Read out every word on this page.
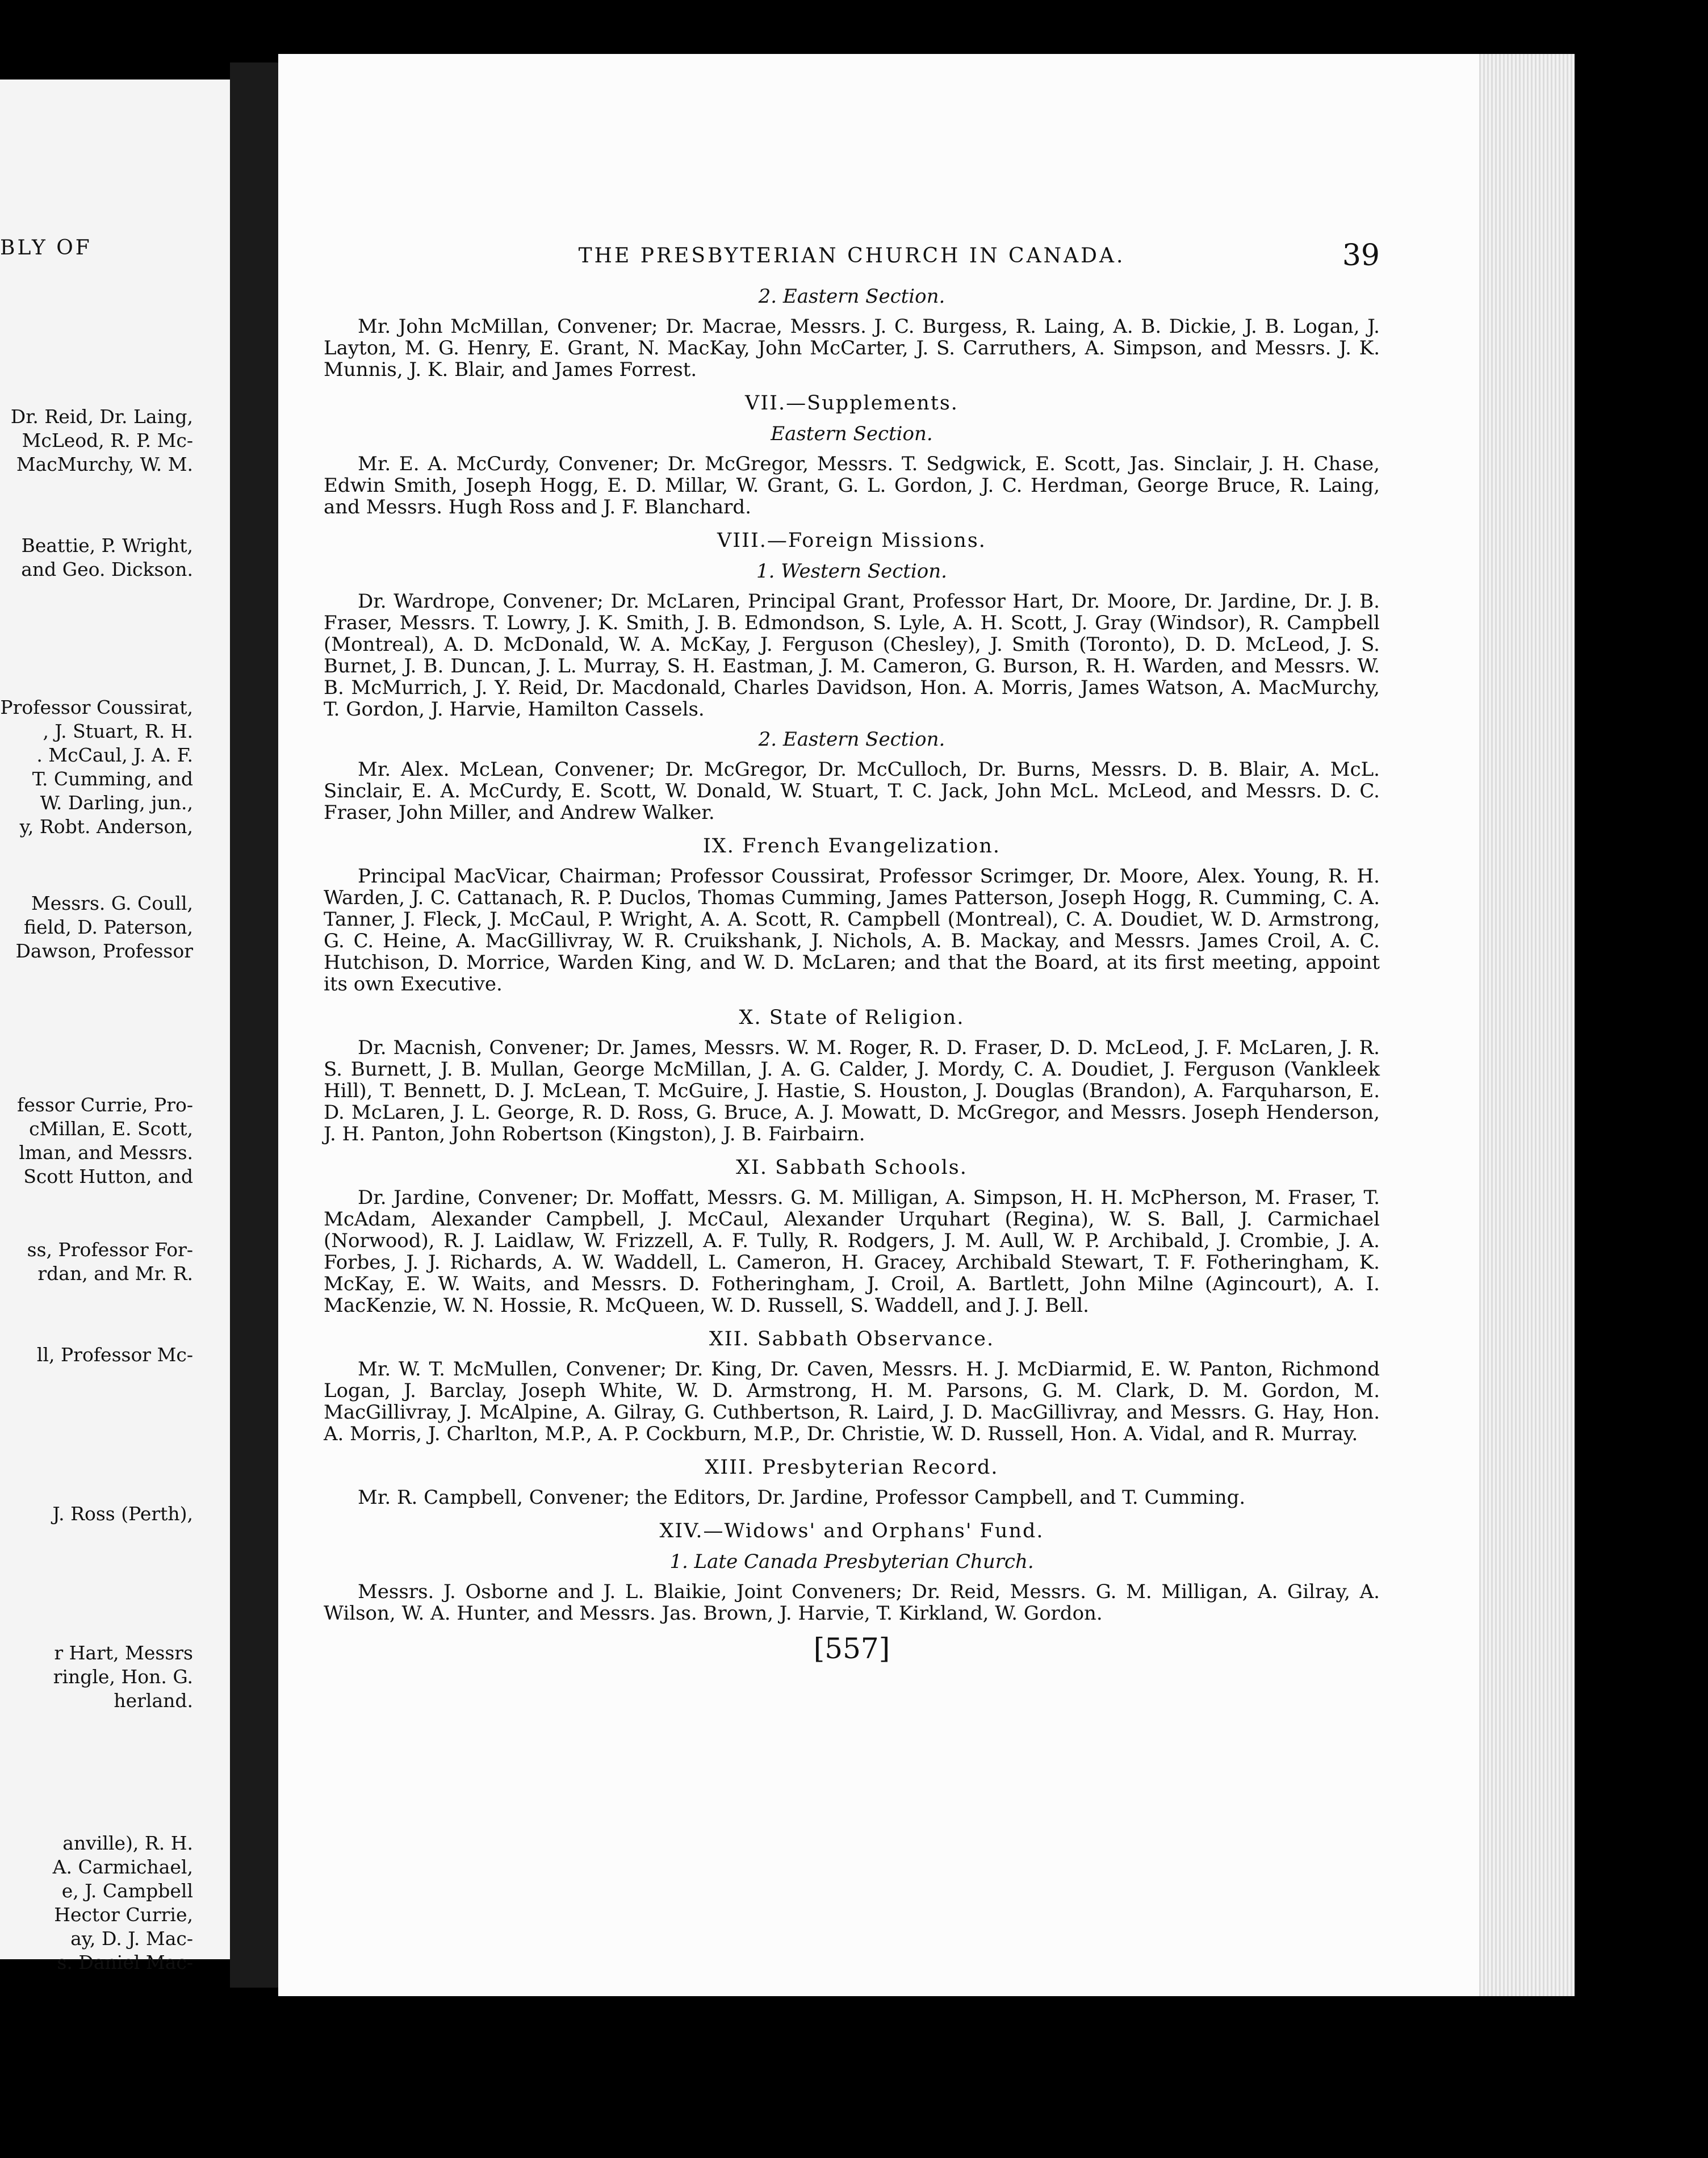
BLY OF
Dr. Reid, Dr. Laing,
McLeod, R. P. Mc-
MacMurchy, W. M.
Beattie, P. Wright,
and Geo. Dickson.
Professor Coussirat,
, J. Stuart, R. H.
. McCaul, J. A. F.
T. Cumming, and
W. Darling, jun.,
y, Robt. Anderson,
Messrs. G. Coull,
field, D. Paterson,
Dawson, Professor
fessor Currie, Pro-
cMillan, E. Scott,
lman, and Messrs.
Scott Hutton, and
ss, Professor For-
rdan, and Mr. R.
ll, Professor Mc-
J. Ross (Perth),
r Hart, Messrs
ringle, Hon. G.
herland.
anville), R. H.
A. Carmichael,
e, J. Campbell
Hector Currie,
ay, D. J. Mac-
s. Daniel Mac-
THE PRESBYTERIAN CHURCH IN CANADA.	39
2. Eastern Section.

Mr. John McMillan, Convener; Dr. Macrae, Messrs. J. C. Burgess, R. Laing, A. B. Dickie, J. B. Logan, J. Layton, M. G. Henry, E. Grant, N. MacKay, John McCarter, J. S. Carruthers, A. Simpson, and Messrs. J. K. Munnis, J. K. Blair, and James Forrest.

VII.—Supplements.
Eastern Section.

Mr. E. A. McCurdy, Convener; Dr. McGregor, Messrs. T. Sedgwick, E. Scott, Jas. Sinclair, J. H. Chase, Edwin Smith, Joseph Hogg, E. D. Millar, W. Grant, G. L. Gordon, J. C. Herdman, George Bruce, R. Laing, and Messrs. Hugh Ross and J. F. Blanchard.

VIII.—Foreign Missions.
1. Western Section.

Dr. Wardrope, Convener; Dr. McLaren, Principal Grant, Professor Hart, Dr. Moore, Dr. Jardine, Dr. J. B. Fraser, Messrs. T. Lowry, J. K. Smith, J. B. Edmondson, S. Lyle, A. H. Scott, J. Gray (Windsor), R. Campbell (Montreal), A. D. McDonald, W. A. McKay, J. Ferguson (Chesley), J. Smith (Toronto), D. D. McLeod, J. S. Burnet, J. B. Duncan, J. L. Murray, S. H. Eastman, J. M. Cameron, G. Burson, R. H. Warden, and Messrs. W. B. McMurrich, J. Y. Reid, Dr. Macdonald, Charles Davidson, Hon. A. Morris, James Watson, A. MacMurchy, T. Gordon, J. Harvie, Hamilton Cassels.

2. Eastern Section.

Mr. Alex. McLean, Convener; Dr. McGregor, Dr. McCulloch, Dr. Burns, Messrs. D. B. Blair, A. McL. Sinclair, E. A. McCurdy, E. Scott, W. Donald, W. Stuart, T. C. Jack, John McL. McLeod, and Messrs. D. C. Fraser, John Miller, and Andrew Walker.

IX. French Evangelization.

Principal MacVicar, Chairman; Professor Coussirat, Professor Scrimger, Dr. Moore, Alex. Young, R. H. Warden, J. C. Cattanach, R. P. Duclos, Thomas Cumming, James Patterson, Joseph Hogg, R. Cumming, C. A. Tanner, J. Fleck, J. McCaul, P. Wright, A. A. Scott, R. Campbell (Montreal), C. A. Doudiet, W. D. Armstrong, G. C. Heine, A. MacGillivray, W. R. Cruikshank, J. Nichols, A. B. Mackay, and Messrs. James Croil, A. C. Hutchison, D. Morrice, Warden King, and W. D. McLaren; and that the Board, at its first meeting, appoint its own Executive.

X. State of Religion.

Dr. Macnish, Convener; Dr. James, Messrs. W. M. Roger, R. D. Fraser, D. D. McLeod, J. F. McLaren, J. R. S. Burnett, J. B. Mullan, George McMillan, J. A. G. Calder, J. Mordy, C. A. Doudiet, J. Ferguson (Vankleek Hill), T. Bennett, D. J. McLean, T. McGuire, J. Hastie, S. Houston, J. Douglas (Brandon), A. Farquharson, E. D. McLaren, J. L. George, R. D. Ross, G. Bruce, A. J. Mowatt, D. McGregor, and Messrs. Joseph Henderson, J. H. Panton, John Robertson (Kingston), J. B. Fairbairn.

XI. Sabbath Schools.

Dr. Jardine, Convener; Dr. Moffatt, Messrs. G. M. Milligan, A. Simpson, H. H. McPherson, M. Fraser, T. McAdam, Alexander Campbell, J. McCaul, Alexander Urquhart (Regina), W. S. Ball, J. Carmichael (Norwood), R. J. Laidlaw, W. Frizzell, A. F. Tully, R. Rodgers, J. M. Aull, W. P. Archibald, J. Crombie, J. A. Forbes, J. J. Richards, A. W. Waddell, L. Cameron, H. Gracey, Archibald Stewart, T. F. Fotheringham, K. McKay, E. W. Waits, and Messrs. D. Fotheringham, J. Croil, A. Bartlett, John Milne (Agincourt), A. I. MacKenzie, W. N. Hossie, R. McQueen, W. D. Russell, S. Waddell, and J. J. Bell.

XII. Sabbath Observance.

Mr. W. T. McMullen, Convener; Dr. King, Dr. Caven, Messrs. H. J. McDiarmid, E. W. Panton, Richmond Logan, J. Barclay, Joseph White, W. D. Armstrong, H. M. Parsons, G. M. Clark, D. M. Gordon, M. MacGillivray, J. McAlpine, A. Gilray, G. Cuthbertson, R. Laird, J. D. MacGillivray, and Messrs. G. Hay, Hon. A. Morris, J. Charlton, M.P., A. P. Cockburn, M.P., Dr. Christie, W. D. Russell, Hon. A. Vidal, and R. Murray.

XIII. Presbyterian Record.

Mr. R. Campbell, Convener; the Editors, Dr. Jardine, Professor Campbell, and T. Cumming.

XIV.—Widows' and Orphans' Fund.
1. Late Canada Presbyterian Church.

Messrs. J. Osborne and J. L. Blaikie, Joint Conveners; Dr. Reid, Messrs. G. M. Milligan, A. Gilray, A. Wilson, W. A. Hunter, and Messrs. Jas. Brown, J. Harvie, T. Kirkland, W. Gordon.

[557]
